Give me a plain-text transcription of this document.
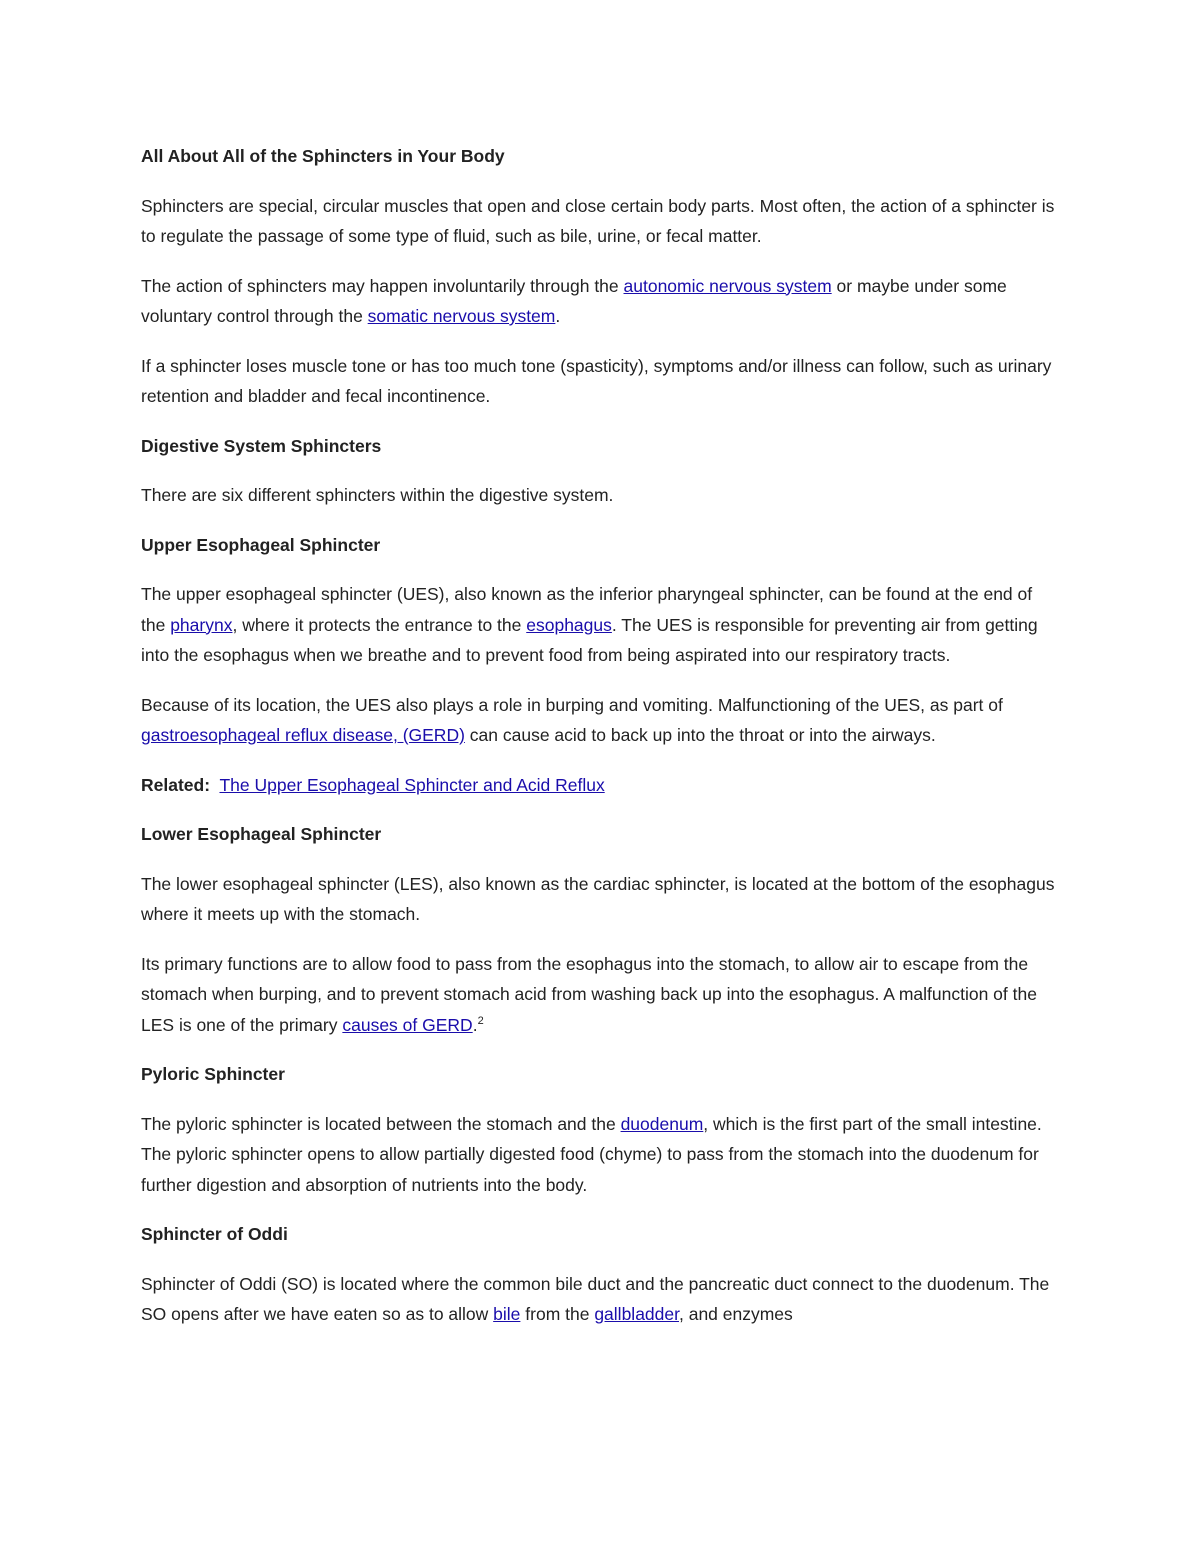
All About All of the Sphincters in Your Body

Sphincters are special, circular muscles that open and close certain body parts. Most often, the action of a sphincter is to regulate the passage of some type of fluid, such as bile, urine, or fecal matter.

The action of sphincters may happen involuntarily through the autonomic nervous system or maybe under some voluntary control through the somatic nervous system.

If a sphincter loses muscle tone or has too much tone (spasticity), symptoms and/or illness can follow, such as urinary retention and bladder and fecal incontinence.

Digestive System Sphincters

There are six different sphincters within the digestive system.

Upper Esophageal Sphincter

The upper esophageal sphincter (UES), also known as the inferior pharyngeal sphincter, can be found at the end of the pharynx, where it protects the entrance to the esophagus. The UES is responsible for preventing air from getting into the esophagus when we breathe and to prevent food from being aspirated into our respiratory tracts.

Because of its location, the UES also plays a role in burping and vomiting. Malfunctioning of the UES, as part of gastroesophageal reflux disease, (GERD) can cause acid to back up into the throat or into the airways.

Related: The Upper Esophageal Sphincter and Acid Reflux

Lower Esophageal Sphincter

The lower esophageal sphincter (LES), also known as the cardiac sphincter, is located at the bottom of the esophagus where it meets up with the stomach.

Its primary functions are to allow food to pass from the esophagus into the stomach, to allow air to escape from the stomach when burping, and to prevent stomach acid from washing back up into the esophagus. A malfunction of the LES is one of the primary causes of GERD.$^2$

Pyloric Sphincter

The pyloric sphincter is located between the stomach and the duodenum, which is the first part of the small intestine. The pyloric sphincter opens to allow partially digested food (chyme) to pass from the stomach into the duodenum for further digestion and absorption of nutrients into the body.

Sphincter of Oddi

Sphincter of Oddi (SO) is located where the common bile duct and the pancreatic duct connect to the duodenum. The SO opens after we have eaten so as to allow bile from the gallbladder, and enzymes
